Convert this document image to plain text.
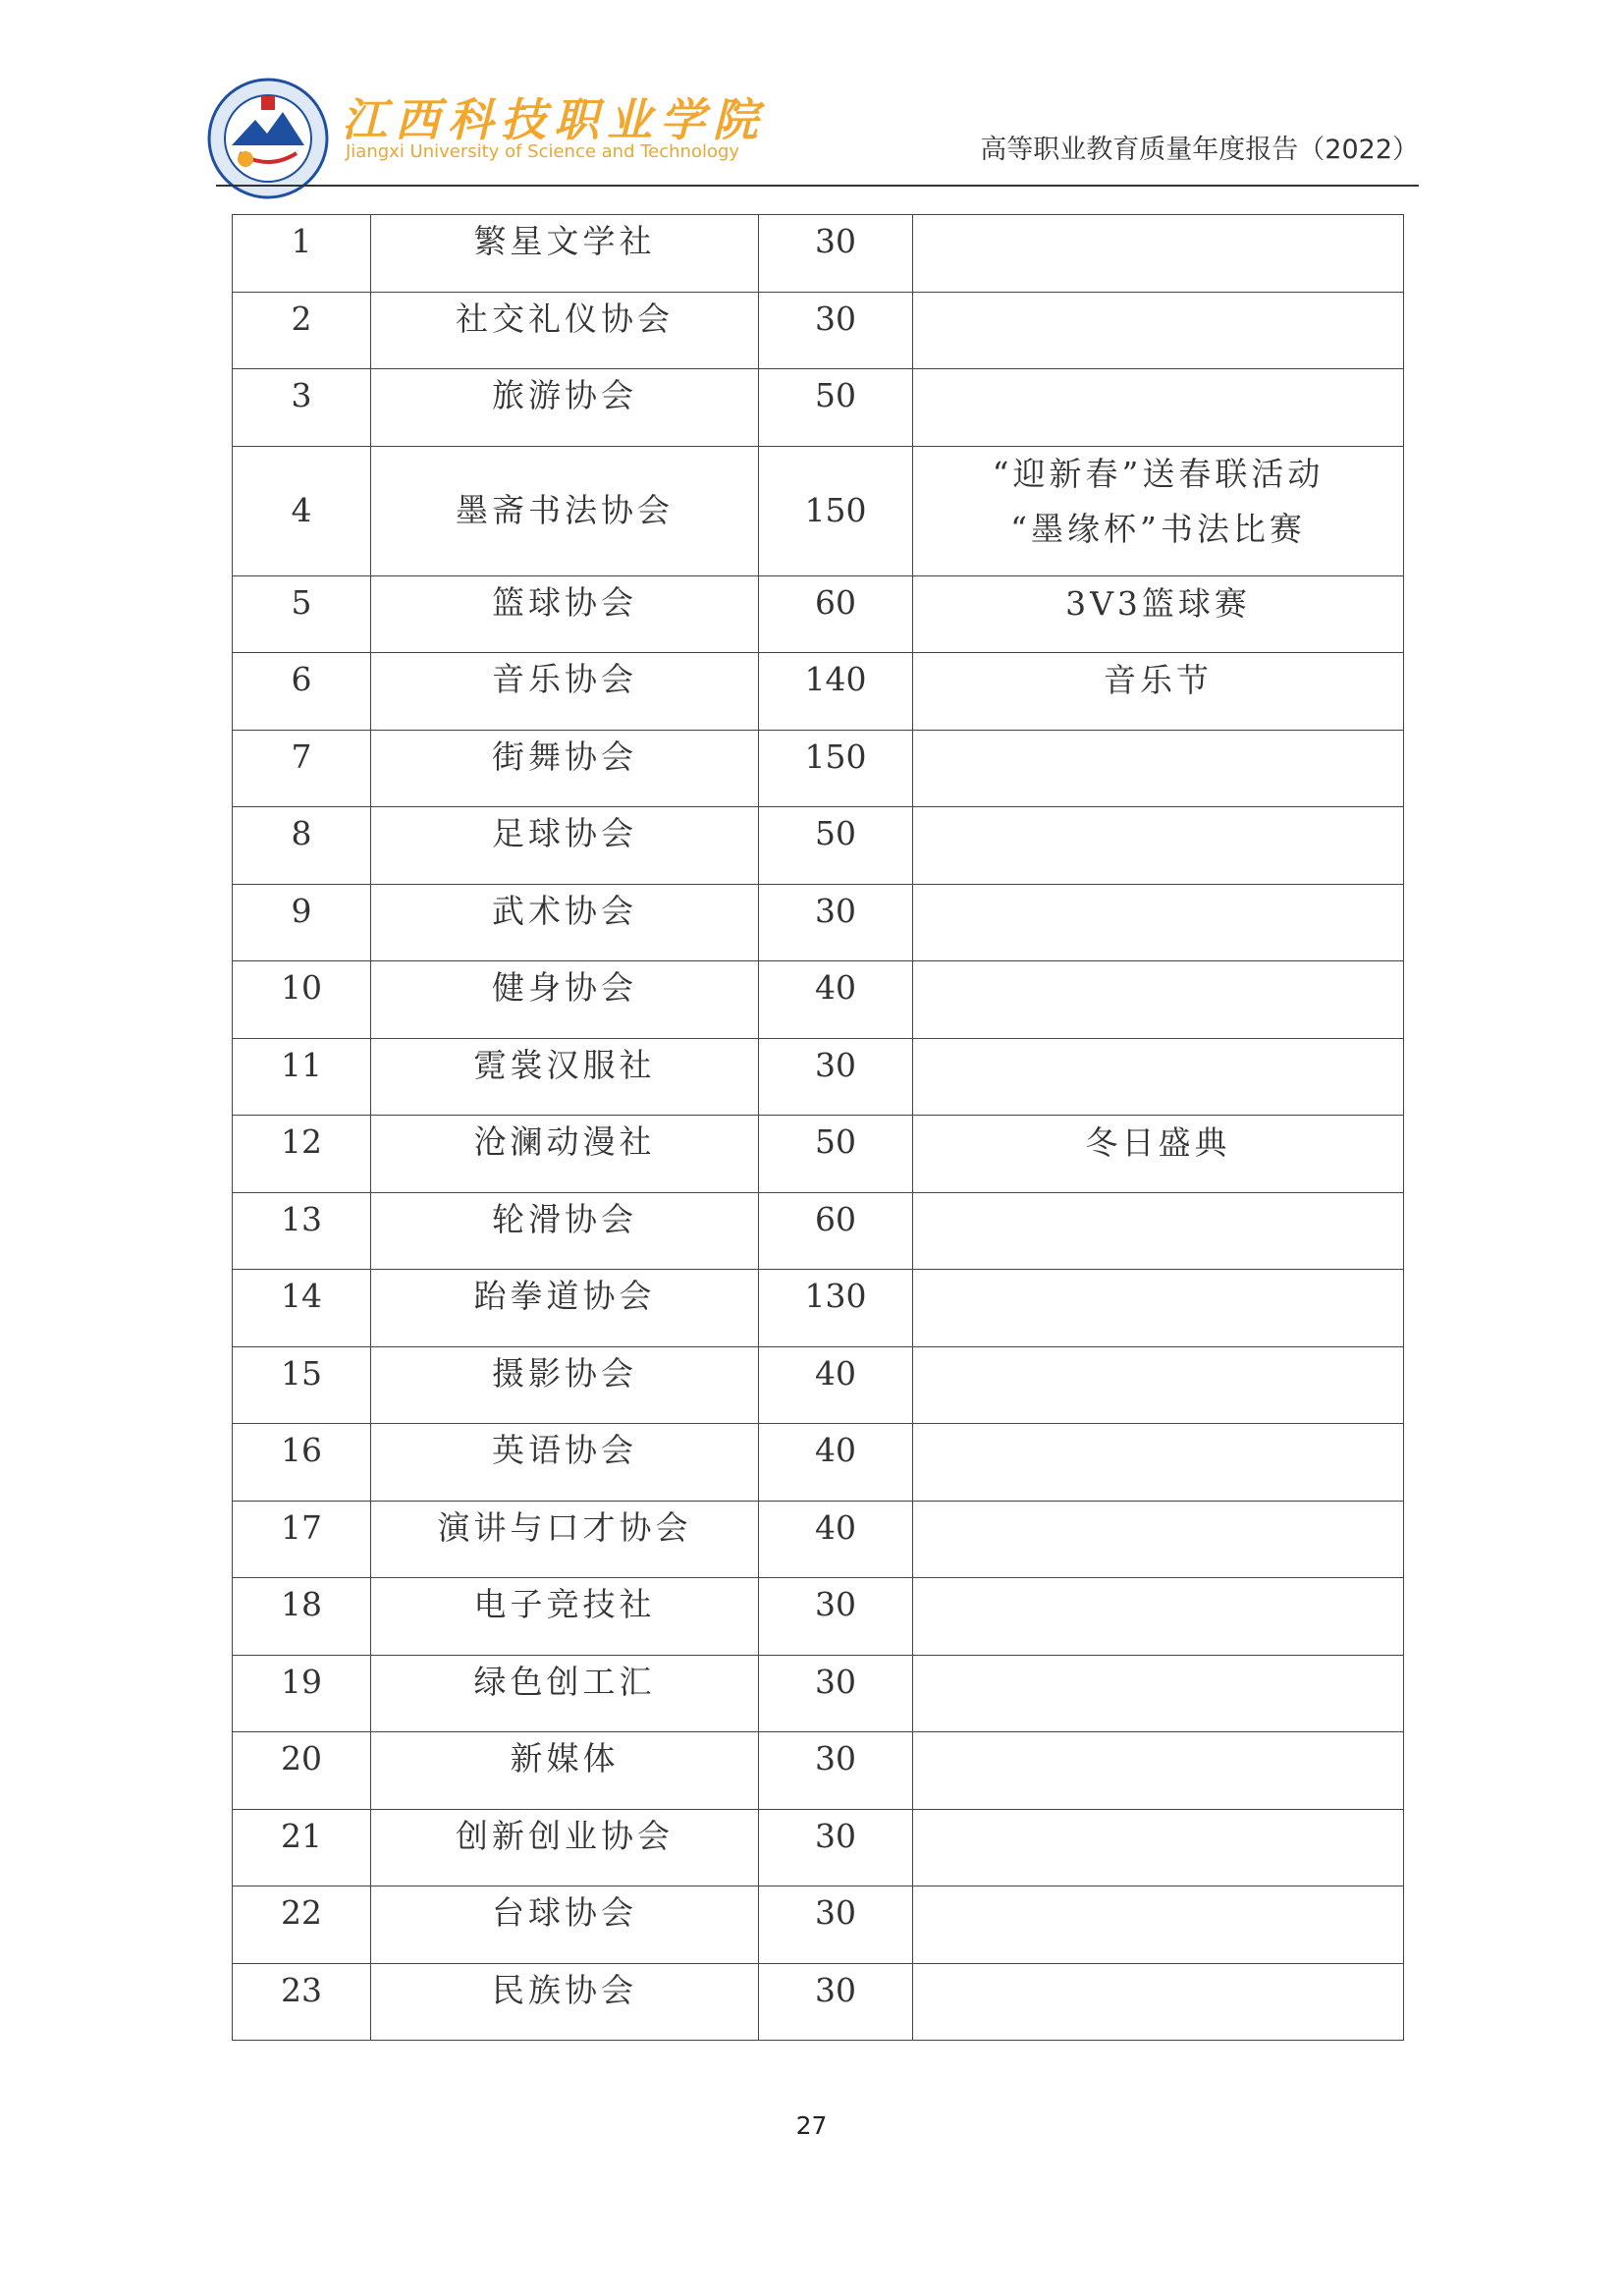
江西科技职业学院
Jiangxi University of Science and Technology	高等职业教育质量年度报告（2022）
1	繁星文学社	30	
2	社交礼仪协会	30	
3	旅游协会	50	
4	墨斋书法协会	150	“迎新春”送春联活动
“墨缘杯”书法比赛

5	篮球协会	60	3V3篮球赛

6	音乐协会	140	音乐节

7	街舞协会	150	
8	足球协会	50	
9	武术协会	30	
10	健身协会	40	
11	霓裳汉服社	30	
12	沧澜动漫社	50	冬日盛典

13	轮滑协会	60	
14	跆拳道协会	130	
15	摄影协会	40	
16	英语协会	40	
17	演讲与口才协会	40	
18	电子竞技社	30	
19	绿色创工汇	30	
20	新媒体	30	
21	创新创业协会	30	
22	台球协会	30	
23	民族协会	30	
27
